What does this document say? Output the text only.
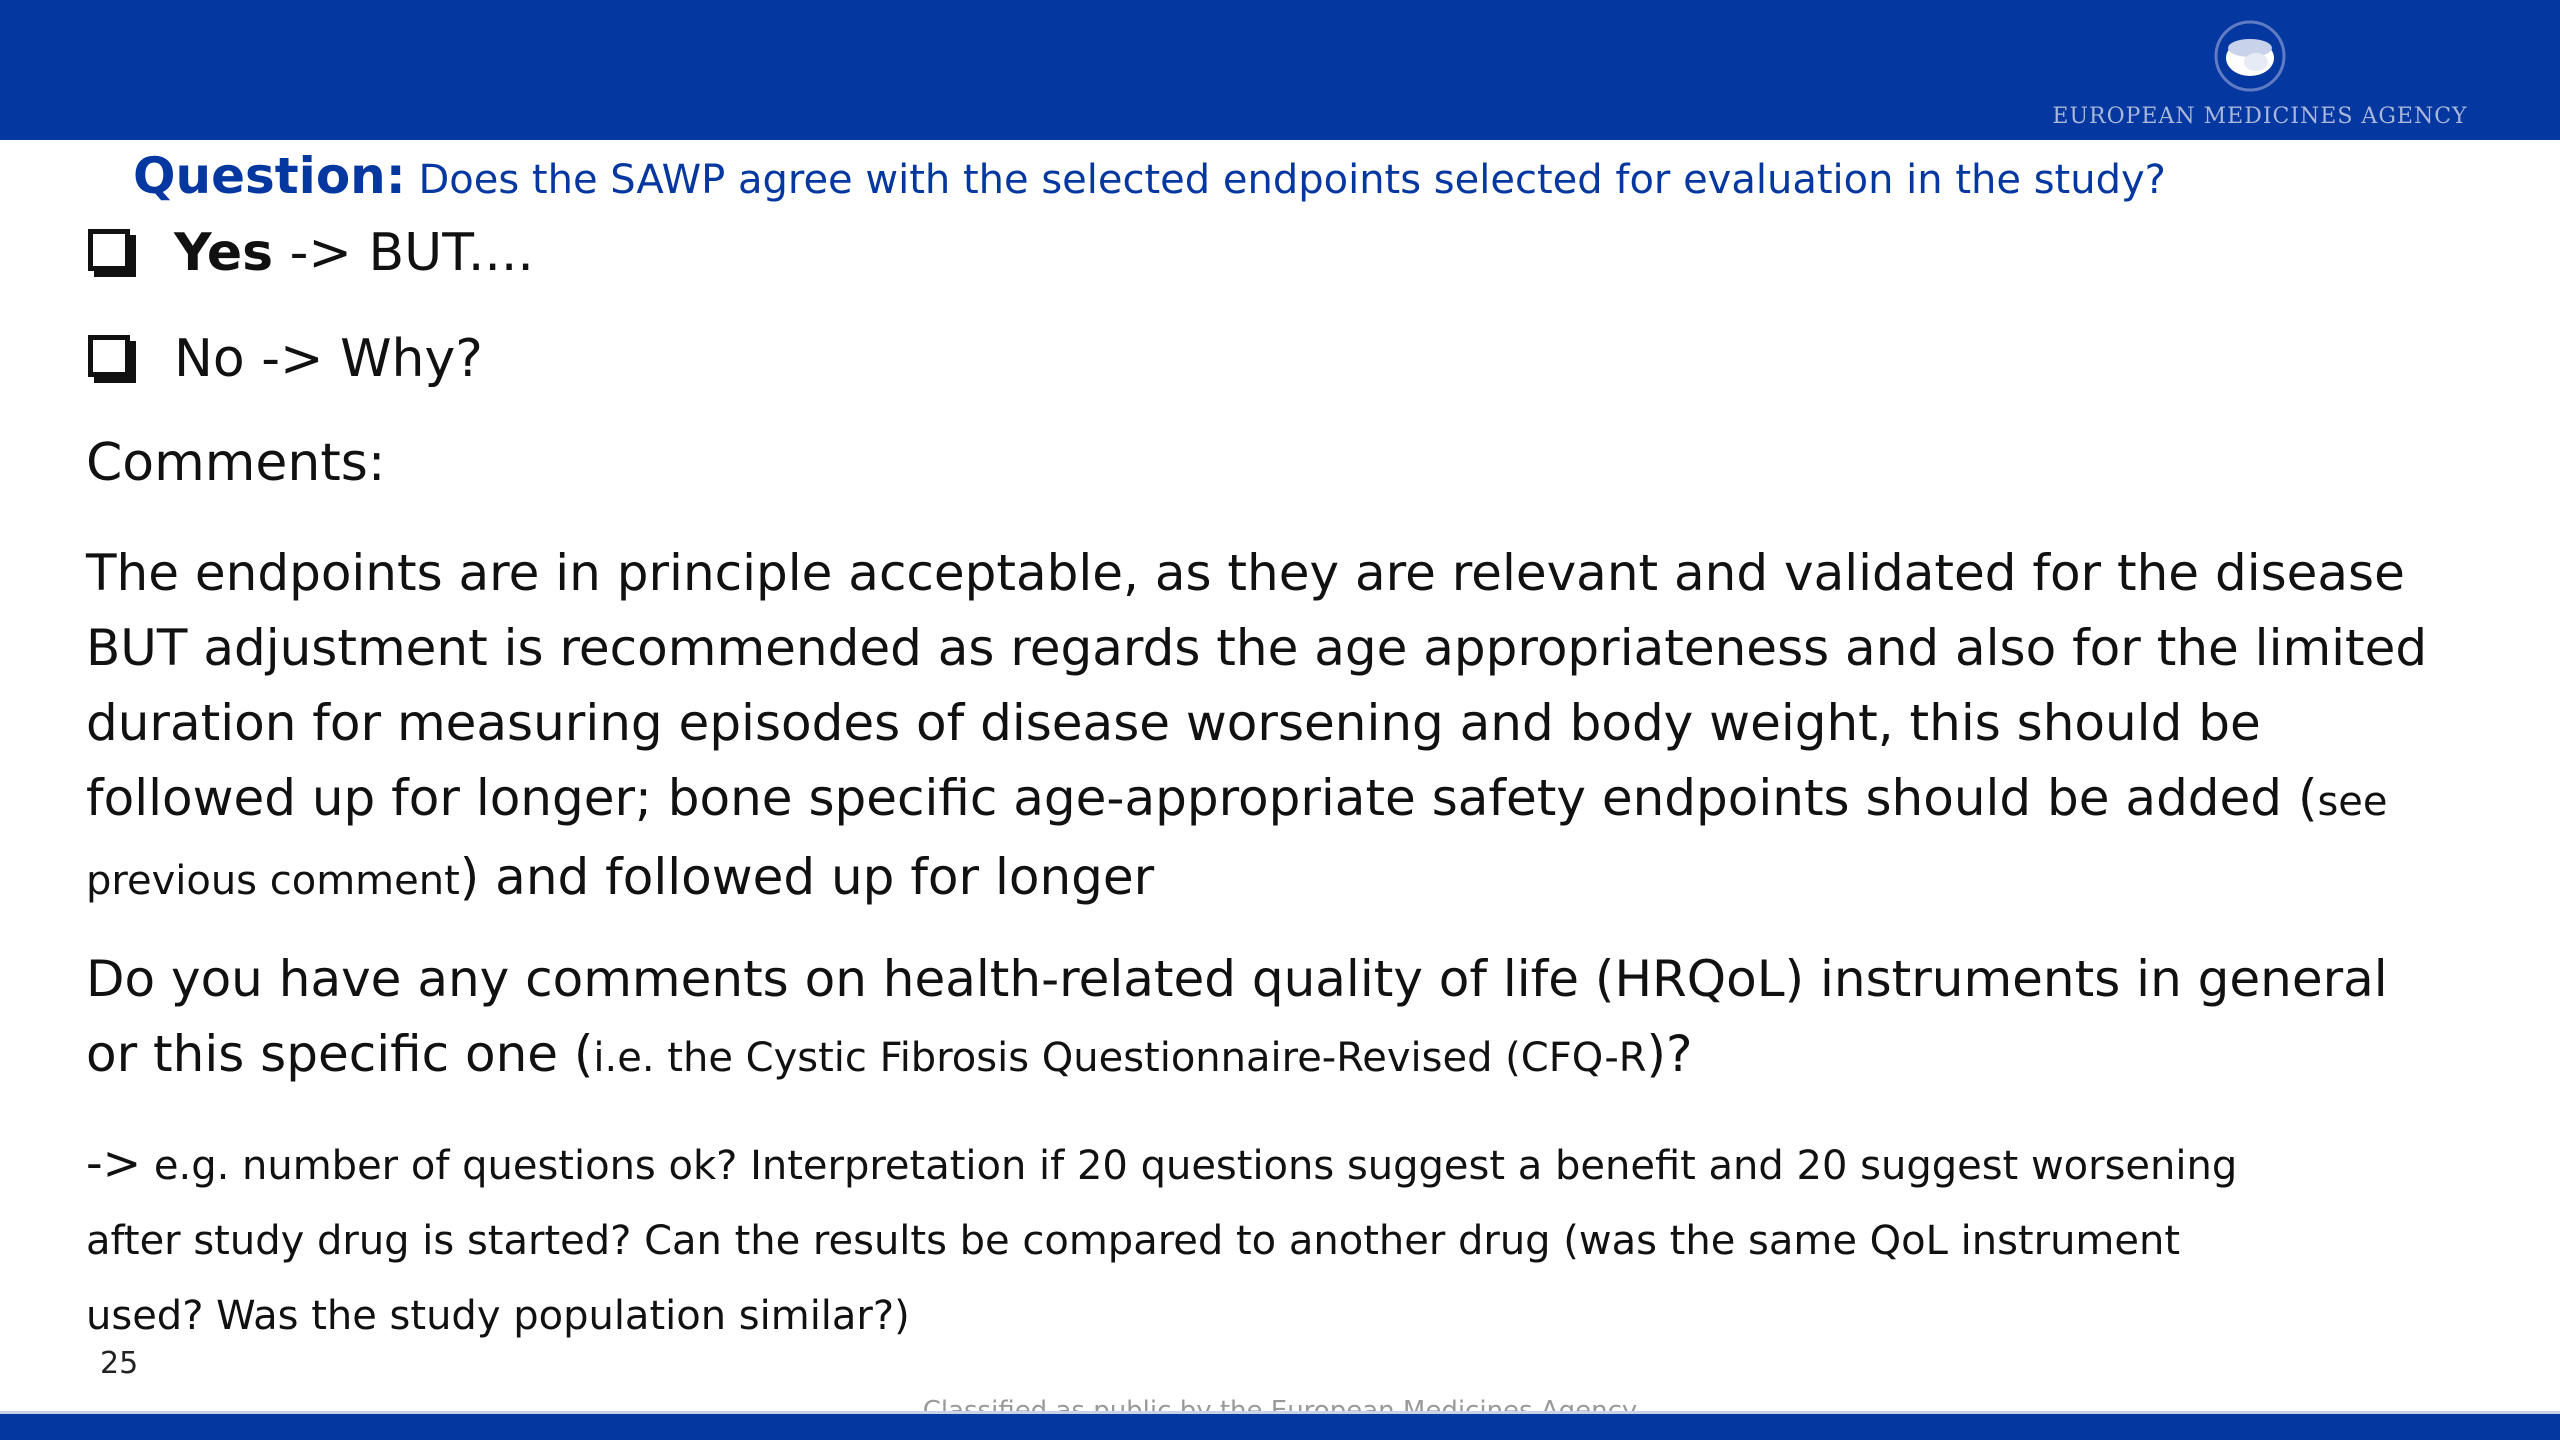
EUROPEAN MEDICINES AGENCY
Question: Does the SAWP agree with the selected endpoints selected for evaluation in the study?
Yes -> BUT....
No -> Why?
Comments:
The endpoints are in principle acceptable, as they are relevant and validated for the disease
BUT adjustment is recommended as regards the age appropriateness and also for the limited
duration for measuring episodes of disease worsening and body weight, this should be
followed up for longer; bone specific age-appropriate safety endpoints should be added (see
previous comment) and followed up for longer
Do you have any comments on health-related quality of life (HRQoL) instruments in general
or this specific one (i.e. the Cystic Fibrosis Questionnaire-Revised (CFQ-R)?
-> e.g. number of questions ok? Interpretation if 20 questions suggest a benefit and 20 suggest worsening
after study drug is started? Can the results be compared to another drug (was the same QoL instrument
used? Was the study population similar?)
25
